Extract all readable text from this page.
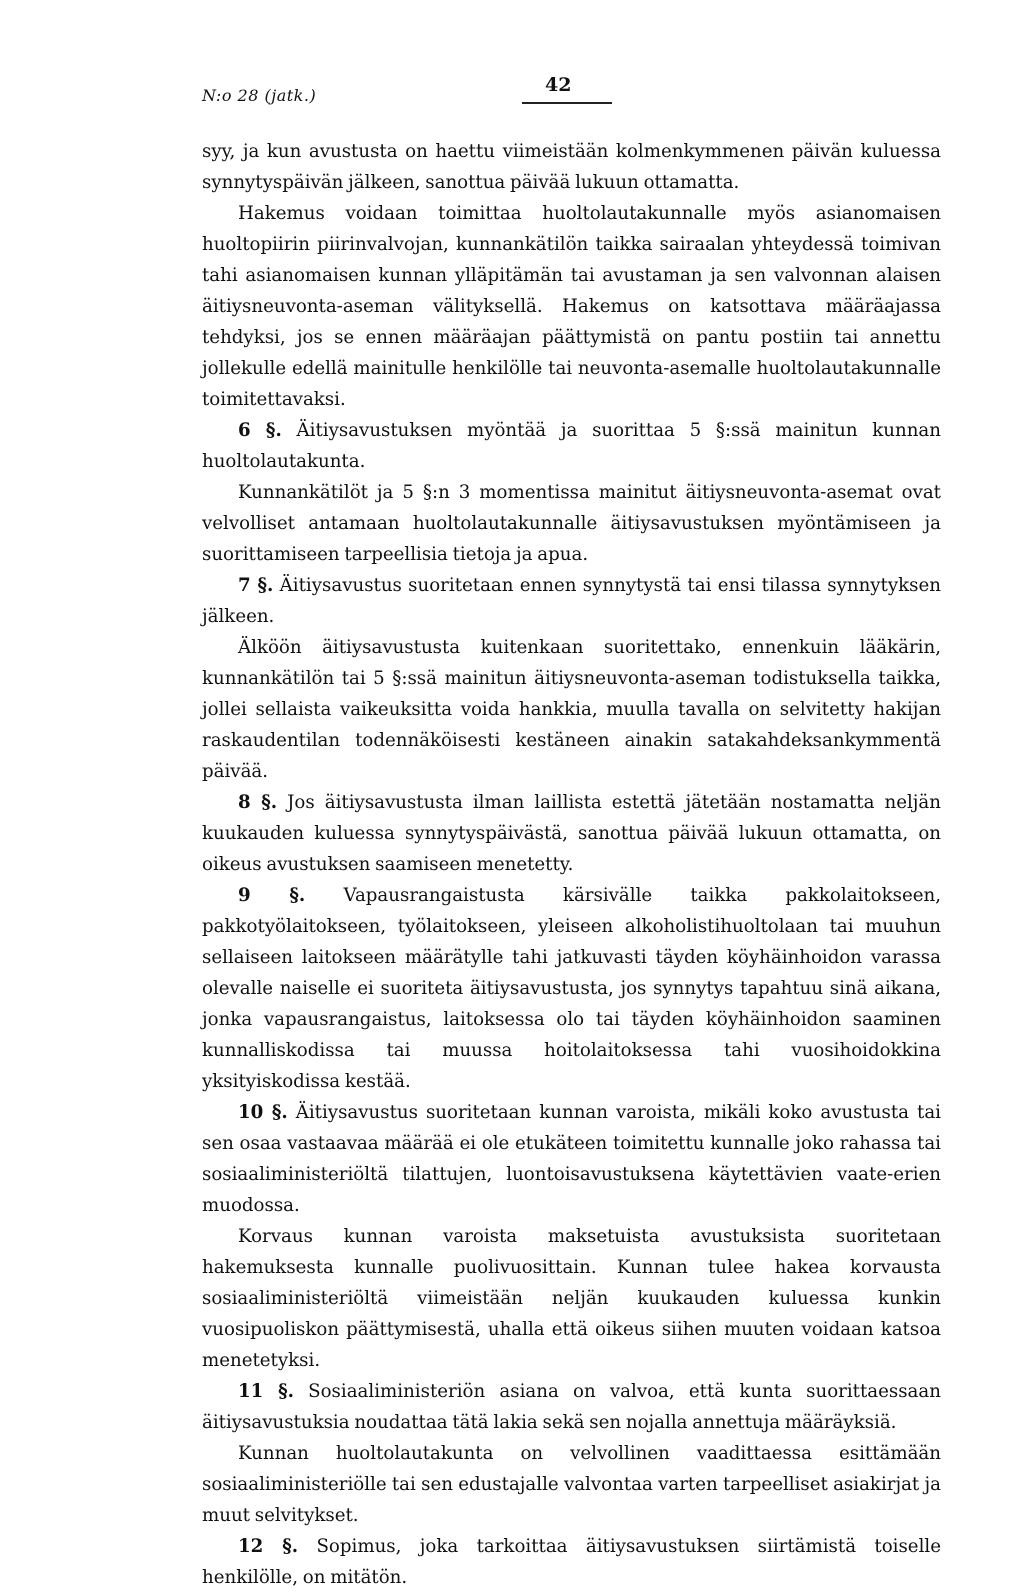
N:o 28 (jatk.)	42

syy, ja kun avustusta on haettu viimeistään kolmenkymmenen päivän kuluessa synnytyspäivän jälkeen, sanottua päivää lukuun ottamatta.

Hakemus voidaan toimittaa huoltolautakunnalle myös asianomaisen huoltopiirin piirinvalvojan, kunnankätilön taikka sairaalan yhteydessä toimivan tahi asianomaisen kunnan ylläpitämän tai avustaman ja sen valvonnan alaisen äitiysneuvonta-aseman välityksellä. Hakemus on katsottava määräajassa tehdyksi, jos se ennen määräajan päättymistä on pantu postiin tai annettu jollekulle edellä mainitulle henkilölle tai neuvonta-asemalle huoltolautakunnalle toimitettavaksi.

6 §. Äitiysavustuksen myöntää ja suorittaa 5 §:ssä mainitun kunnan huoltolautakunta.

Kunnankätilöt ja 5 §:n 3 momentissa mainitut äitiysneuvonta-asemat ovat velvolliset antamaan huoltolautakunnalle äitiysavustuksen myöntämiseen ja suorittamiseen tarpeellisia tietoja ja apua.

7 §. Äitiysavustus suoritetaan ennen synnytystä tai ensi tilassa synnytyksen jälkeen.

Älköön äitiysavustusta kuitenkaan suoritettako, ennenkuin lääkärin, kunnankätilön tai 5 §:ssä mainitun äitiysneuvonta-aseman todistuksella taikka, jollei sellaista vaikeuksitta voida hankkia, muulla tavalla on selvitetty hakijan raskaudentilan todennäköisesti kestäneen ainakin satakahdeksankymmentä päivää.

8 §. Jos äitiysavustusta ilman laillista estettä jätetään nostamatta neljän kuukauden kuluessa synnytyspäivästä, sanottua päivää lukuun ottamatta, on oikeus avustuksen saamiseen menetetty.

9 §. Vapausrangaistusta kärsivälle taikka pakkolaitokseen, pakkotyölaitokseen, työlaitokseen, yleiseen alkoholistihuoltolaan tai muuhun sellaiseen laitokseen määrätylle tahi jatkuvasti täyden köyhäinhoidon varassa olevalle naiselle ei suoriteta äitiysavustusta, jos synnytys tapahtuu sinä aikana, jonka vapausrangaistus, laitoksessa olo tai täyden köyhäinhoidon saaminen kunnalliskodissa tai muussa hoitolaitoksessa tahi vuosihoidokkina yksityiskodissa kestää.

10 §. Äitiysavustus suoritetaan kunnan varoista, mikäli koko avustusta tai sen osaa vastaavaa määrää ei ole etukäteen toimitettu kunnalle joko rahassa tai sosiaaliministeriöltä tilattujen, luontoisavustuksena käytettävien vaate-erien muodossa.

Korvaus kunnan varoista maksetuista avustuksista suoritetaan hakemuksesta kunnalle puolivuosittain. Kunnan tulee hakea korvausta sosiaaliministeriöltä viimeistään neljän kuukauden kuluessa kunkin vuosipuoliskon päättymisestä, uhalla että oikeus siihen muuten voidaan katsoa menetetyksi.

11 §. Sosiaaliministeriön asiana on valvoa, että kunta suorittaessaan äitiysavustuksia noudattaa tätä lakia sekä sen nojalla annettuja määräyksiä.

Kunnan huoltolautakunta on velvollinen vaadittaessa esittämään sosiaaliministeriölle tai sen edustajalle valvontaa varten tarpeelliset asiakirjat ja muut selvitykset.

12 §. Sopimus, joka tarkoittaa äitiysavustuksen siirtämistä toiselle henkilölle, on mitätön.
